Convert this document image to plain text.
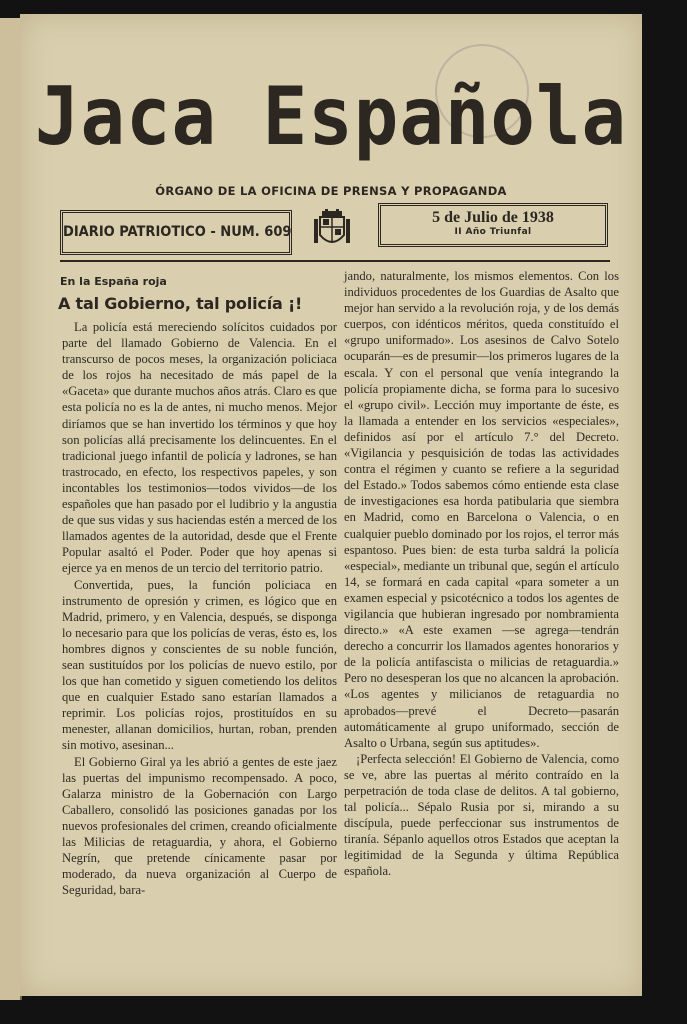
Jaca Española
ÓRGANO DE LA OFICINA DE PRENSA Y PROPAGANDA
DIARIO PATRIOTICO - NUM. 609
5 de Julio de 1938
II Año Triunfal
En la España roja
A tal Gobierno, tal policía ¡!

La policía está mereciendo solícitos cuidados por parte del llamado Gobierno de Valencia. En el transcurso de pocos meses, la organización policiaca de los rojos ha necesitado de más papel de la «Gaceta» que durante muchos años atrás. Claro es que esta policía no es la de antes, ni mucho menos. Mejor diríamos que se han invertido los términos y que hoy son policías allá precisamente los delincuentes. En el tradicional juego infantil de policía y ladrones, se han trastrocado, en efecto, los respectivos papeles, y son incontables los testimonios—todos vividos—de los españoles que han pasado por el ludibrio y la angustia de que sus vidas y sus haciendas estén a merced de los llamados agentes de la autoridad, desde que el Frente Popular asaltó el Poder. Poder que hoy apenas si ejerce ya en menos de un tercio del territorio patrio.

Convertida, pues, la función policiaca en instrumento de opresión y crimen, es lógico que en Madrid, primero, y en Valencia, después, se disponga lo necesario para que los policías de veras, ésto es, los hombres dignos y conscientes de su noble función, sean sustituídos por los policías de nuevo estilo, por los que han cometido y siguen cometiendo los delitos que en cualquier Estado sano estarían llamados a reprimir. Los policías rojos, prostituídos en su menester, allanan domicilios, hurtan, roban, prenden sin motivo, asesinan...

El Gobierno Giral ya les abrió a gentes de este jaez las puertas del impunismo recompensado. A poco, Galarza ministro de la Gobernación con Largo Caballero, consolidó las posiciones ganadas por los nuevos profesionales del crimen, creando oficialmente las Milicias de retaguardia, y ahora, el Gobierno Negrín, que pretende cínicamente pasar por moderado, da nueva organización al Cuerpo de Seguridad, bara-

jando, naturalmente, los mismos elementos. Con los individuos procedentes de los Guardias de Asalto que mejor han servido a la revolución roja, y de los demás cuerpos, con idénticos méritos, queda constituído el «grupo uniformado». Los asesinos de Calvo Sotelo ocuparán—es de presumir—los primeros lugares de la escala. Y con el personal que venía integrando la policía propiamente dicha, se forma para lo sucesivo el «grupo civil». Lección muy importante de éste, es la llamada a entender en los servicios «especiales», definidos así por el artículo 7.° del Decreto. «Vigilancia y pesquisición de todas las actividades contra el régimen y cuanto se refiere a la seguridad del Estado.» Todos sabemos cómo entiende esta clase de investigaciones esa horda patibularia que siembra en Madrid, como en Barcelona o Valencia, o en cualquier pueblo dominado por los rojos, el terror más espantoso. Pues bien: de esta turba saldrá la policía «especial», mediante un tribunal que, según el artículo 14, se formará en cada capital «para someter a un examen especial y psicotécnico a todos los agentes de vigilancia que hubieran ingresado por nombramienta directo.» «A este examen —se agrega—tendrán derecho a concurrir los llamados agentes honorarios y de la policía antifascista o milicias de retaguardia.» Pero no desesperan los que no alcancen la aprobación. «Los agentes y milicianos de retaguardia no aprobados—prevé el Decreto—pasarán automáticamente al grupo uniformado, sección de Asalto o Urbana, según sus aptitudes».

¡Perfecta selección! El Gobierno de Valencia, como se ve, abre las puertas al mérito contraído en la perpetración de toda clase de delitos. A tal gobierno, tal policía... Sépalo Rusia por si, mirando a su discípula, puede perfeccionar sus instrumentos de tiranía. Sépanlo aquellos otros Estados que aceptan la legitimidad de la Segunda y última República española.
